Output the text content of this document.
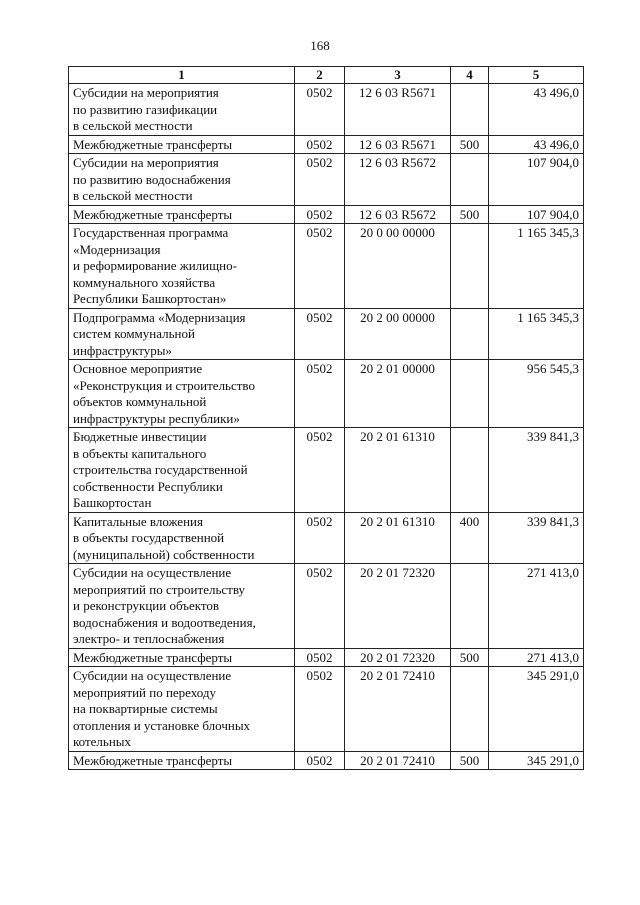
168
1	2	3	4	5

Субсидии на мероприятия
по развитию газификации
в сельской местности	0502	12 6 03 R5671		43 496,0

Межбюджетные трансферты	0502	12 6 03 R5671	500	43 496,0

Субсидии на мероприятия
по развитию водоснабжения
в сельской местности	0502	12 6 03 R5672		107 904,0

Межбюджетные трансферты	0502	12 6 03 R5672	500	107 904,0

Государственная программа
«Модернизация
и реформирование жилищно-
коммунального хозяйства
Республики Башкортостан»	0502	20 0 00 00000		1 165 345,3

Подпрограмма «Модернизация
систем коммунальной
инфраструктуры»	0502	20 2 00 00000		1 165 345,3

Основное мероприятие
«Реконструкция и строительство
объектов коммунальной
инфраструктуры республики»	0502	20 2 01 00000		956 545,3

Бюджетные инвестиции
в объекты капитального
строительства государственной
собственности Республики
Башкортостан	0502	20 2 01 61310		339 841,3

Капитальные вложения
в объекты государственной
(муниципальной) собственности	0502	20 2 01 61310	400	339 841,3

Субсидии на осуществление
мероприятий по строительству
и реконструкции объектов
водоснабжения и водоотведения,
электро- и теплоснабжения	0502	20 2 01 72320		271 413,0

Межбюджетные трансферты	0502	20 2 01 72320	500	271 413,0

Субсидии на осуществление
мероприятий по переходу
на поквартирные системы
отопления и установке блочных
котельных	0502	20 2 01 72410		345 291,0

Межбюджетные трансферты	0502	20 2 01 72410	500	345 291,0
